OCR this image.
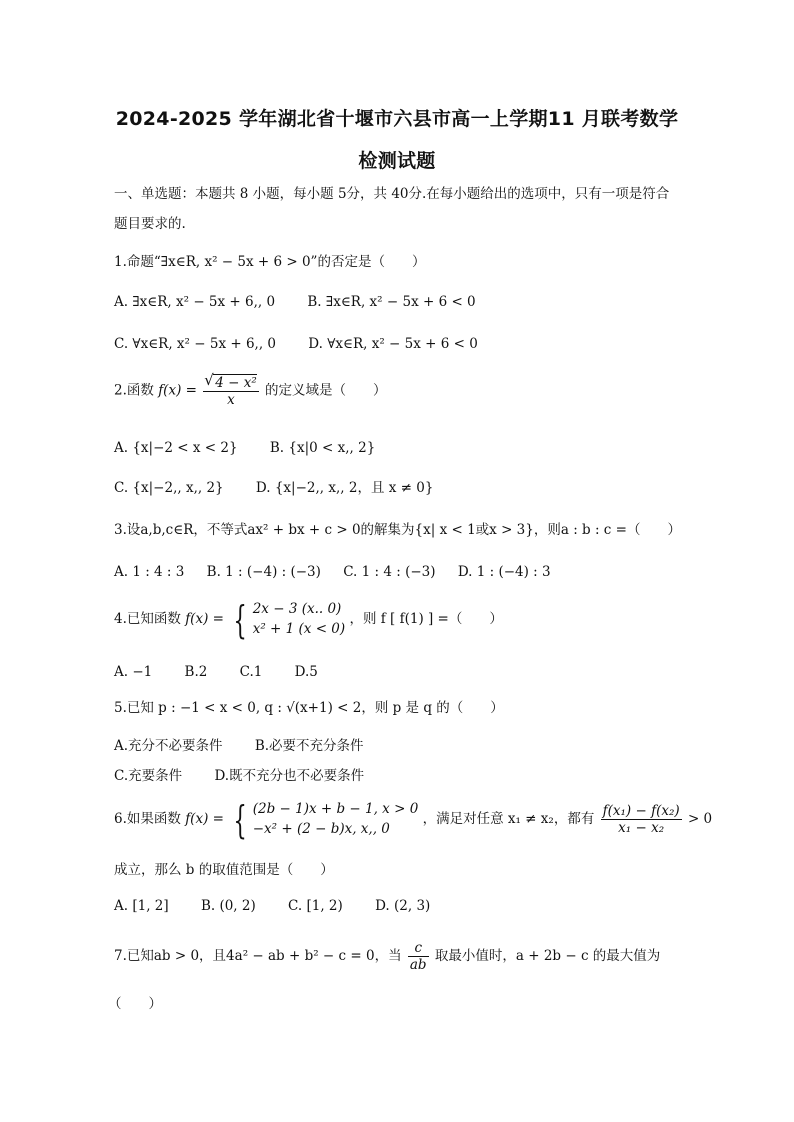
2024-2025 学年湖北省十堰市六县市高一上学期11 月联考数学
检测试题
一、单选题：本题共 8 小题，每小题 5分，共 40分.在每小题给出的选项中，只有一项是符合
题目要求的.
1.命题“∃x∈R, x² − 5x + 6 > 0”的否定是（　　）
A. ∃x∈R, x² − 5x + 6,, 0 B. ∃x∈R, x² − 5x + 6 < 0
C. ∀x∈R, x² − 5x + 6,, 0 D. ∀x∈R, x² − 5x + 6 < 0
2.函数 f(x) =
√ $\frac{\text{4 − x²}}{x}$ 的定义域是（　　）
A. {x|−2 < x < 2} B. {x|0 < x,, 2}
C. {x|−2,, x,, 2} D. {x|−2,, x,, 2，且 x ≠ 0}
3.设a,b,c∈R，不等式ax² + bx + c > 0的解集为{x| x < 1或x > 3}，则a : b : c =（　　）
A. 1 : 4 : 3 B. 1 : (−4) : (−3) C. 1 : 4 : (−3) D. 1 : (−4) : 3
4.已知函数 f(x) = { 2x − 3 (x.. 0)
x² + 1 (x < 0)
，则 f [ f(1) ] =（　　）
A. −1 B.2 C.1 D.5
5.已知 p : −1 < x < 0, q : √(x+1) < 2，则 p 是 q 的（　　）
A.充分不必要条件 B.必要不充分条件
C.充要条件 D.既不充分也不必要条件
6.如果函数 f(x) = { (2b − 1)x + b − 1, x > 0
−x² + (2 − b)x, x,, 0
，满足对任意 x₁ ≠ x₂，都有 $\frac{\text{f(x₁) − f(x₂)}}{\text{x₁ − x₂}} > 0$
成立，那么 b 的取值范围是（　　）
A. [1, 2] B. (0, 2) C. [1, 2) D. (2, 3)
7.已知ab > 0，且4a² − ab + b² − c = 0，当 $\frac{c}{ab}$ 取最小值时，a + 2b − c 的最大值为
（　　）
